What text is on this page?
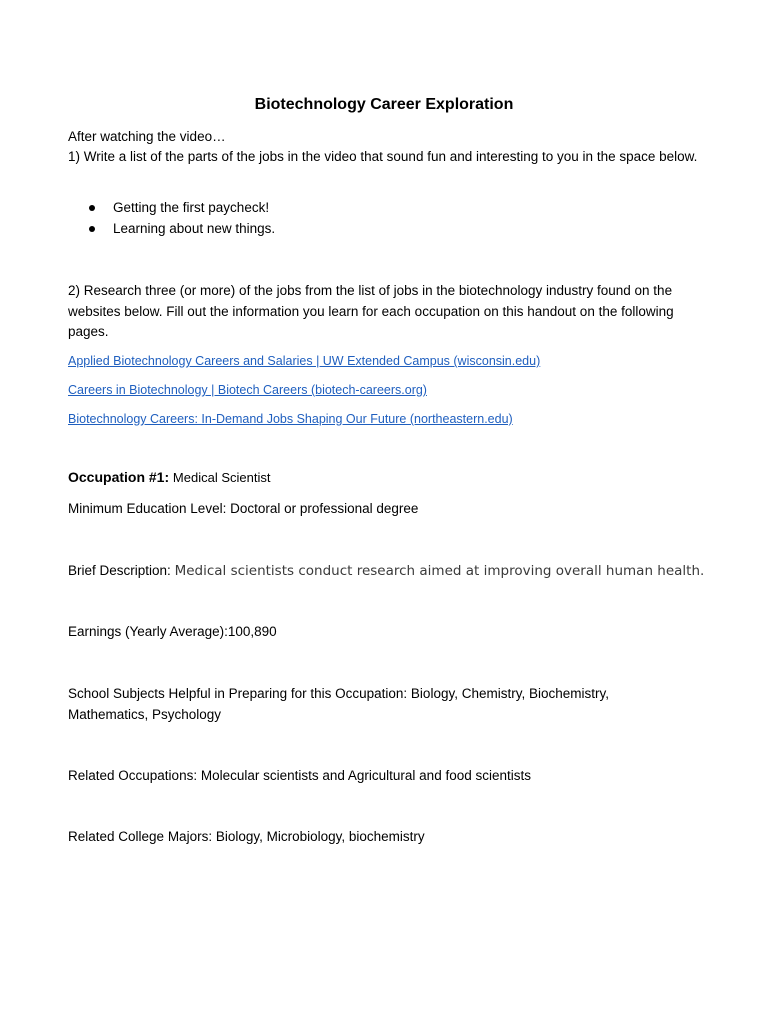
Biotechnology Career Exploration

After watching the video…

1) Write a list of the parts of the jobs in the video that sound fun and interesting to you in the space below.

Getting the first paycheck!
Learning about new things.

2) Research three (or more) of the jobs from the list of jobs in the biotechnology industry found on the websites below. Fill out the information you learn for each occupation on this handout on the following pages.

Applied Biotechnology Careers and Salaries | UW Extended Campus (wisconsin.edu)
Careers in Biotechnology | Biotech Careers (biotech-careers.org)
Biotechnology Careers: In-Demand Jobs Shaping Our Future (northeastern.edu)

Occupation #1: Medical Scientist

Minimum Education Level: Doctoral or professional degree

Brief Description: Medical scientists conduct research aimed at improving overall human health.

Earnings (Yearly Average):100,890

School Subjects Helpful in Preparing for this Occupation: Biology, Chemistry, Biochemistry, Mathematics, Psychology

Related Occupations: Molecular scientists and Agricultural and food scientists

Related College Majors: Biology, Microbiology, biochemistry
